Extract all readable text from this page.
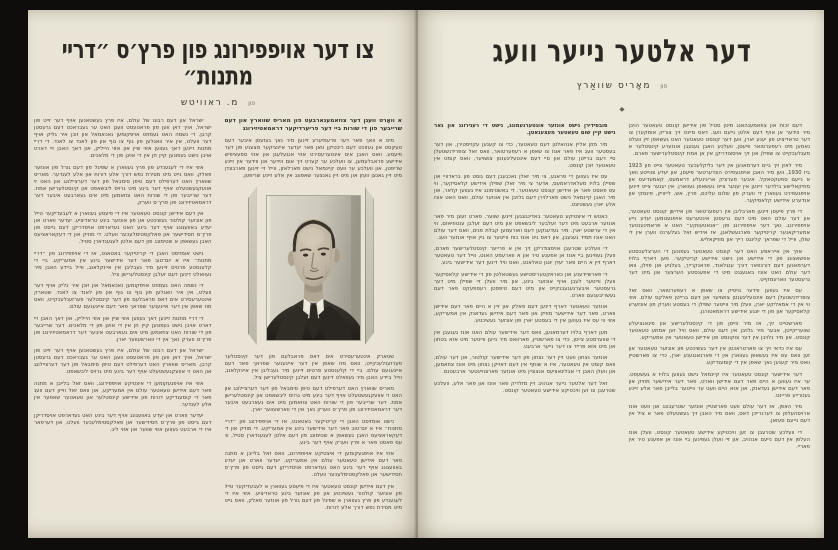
צו דער אויפפירונג פון פרץ׳ס ״דריי מתנות״
פון מ. ראוויטש

א וואָרט וועגן דער צוזאמענארבעט פון מאריס שווארץ און דעם שרייבער פון די שורות ביי דער פריערדיקער דראמאטיזירונג

מיט א וואך פאר דער פרעמיערע זיינען מיר נאך געזעסן איבער דעם טעקסט און געזוכט דעם ריכטיקן טאן פאר יעדער איינציקער סצענע פון דער פיעסע. וואס האבן אים אינטערעסירט אזוי אנגעלעגן און אזוי ספעציפיש אידישע פראבלעמען, צו וועלכע ער קערט זיך אום ווידער און ווידער אין זיינע שריפטן, און וועלכע ער וועט קיינמאל נישט פארלאזן, ווייל זיי זיינען פארבונדן מיט זיין גאנצן וועזן און מיט זיין גאנצער שאפונג אין אלע זיינע שריפטן.

שטארק אינטערעסירט אים דאס פראבלעם פון דער קינסטלער פערזענלעכקייט, וואס מוז שאפן אין דער אייגענער שפראך פאר דעם אייגענעם עולם. ביי די קלענסטע פרטים זיינען מיר געבליבן אין איינקלאנג, ווייל ביידע האבן מיר געוואלט דינען דעם זעלבן קינסטלערישן ציל.

מאריס שווארץ האט דערפילט דעם טיפן סימבאל פון דער דערציילונג און האט זי אוועקגעשטעלט אויף דער בינע מיט גרויס ליבשאפט און קינסטלערישן אמת. דער שרייבער פון די שורות האט צוזאמען מיט אים געארבעט איבער דער דראמאטיזירונג פון פרץ׳ס ווערק נאך אין די ווארשעווער יארן.

נישט אומזיסט האבן די קריטיקער באטאנט, אז די אויפפירונג פון ״דריי מתנות״ איז א יום־טוב פאר דער אידישער בינע אין אמעריקע. די מוזיק און די דעקאראציעס האבן געשאפן א שטימונג פון דעם אלטן לעגענדארן סטיל, ווי עס פאסט פאר א פרץ ווערק אויף דער בינע.

אזוי איז אויפגעקומען די איצטיקע אויפפירונג, וואס זאל בלייבן א מתנה פאר דעם אידישן טעאטער עולם אין אמעריקע. יעדער ווארט און יעדע באוועגונג אויף דער בינע האט געדארפט אויסדריקן דעם גייסט פון פרץ׳ס חסידישער און פאלקסטימלעכער וועלט.

אין דעם אידישן קונסט טעאטער איז די פיעסע געווארן א לעבעדיקער טייל פון אונזער קולטור געשיכטע און פון אונזער בינע טראדיציע. אזוי איז די לעגענדע פון פרץ געווארן א שפיגל פון דעם גורל פון אונזער פאלק, וואס גייט מיט מסירת נפש דורך אלע דורות.

ישראל און דעם רבונו של עולם, איז פרץ געשטאנען אויף דער זייט פון ישראל, אויך דאן ווען פון פראטעסט וועגן האט ער געבראכט דעם גרעסטן קרבן. די נשמה האט געמוזט אויפקומען נאכאמאל און זוכן איר גליק אויף דער וועלט, אין איר וואגלען פון גוף צו גוף און פון לאנד צו לאנד. די דריי מתנות זיינען דאך געווען אזוי שיין און אזוי הייליק, און דאך האבן זיי דארט אויבן נישט געפונען קיין חן אין די אויגן פון די מלאכים.

אזוי איז די לעגענדע פון פרץ געווארן א שפיגל פון דעם גורל פון אונזער פאלק, וואס גייט מיט מסירת נפש דורך אלע דורות און אלע לענדער. מאריס שווארץ האט דערפילט דעם טיפן סימבאל פון דער דערציילונג און האט זי אוועקגעשטעלט אויף דער בינע מיט גרויס ליבשאפט און קינסטלערישן אמת. דער שרייבער פון די שורות האט צוזאמען מיט אים געארבעט איבער דער דראמאטיזירונג פון פרץ׳ס ווערק.

אין דעם אידישן קונסט טעאטער איז די פיעסע געווארן א לעבעדיקער טייל פון אונזער קולטור געשיכטע און פון אונזער בינע טראדיציע. יעדער ווארט און יעדע באוועגונג אויף דער בינע האט געדארפט אויסדריקן דעם גייסט פון פרץ׳ס חסידישער און פאלקסטימלעכער וועלט. די מוזיק און די דעקאראציעס האבן געשאפן א שטימונג פון דעם אלטן לעגענדארן סטיל.

נישט אומזיסט האבן די קריטיקער באטאנט, אז די אויפפירונג פון ״דריי מתנות״ איז א יום־טוב פאר דער אידישער בינע אין אמעריקע. ביי די קלענסטע פרטים זיינען מיר געבליבן אין איינקלאנג, ווייל ביידע האבן מיר געוואלט דינען דעם זעלבן קינסטלערישן ציל.

די נשמה האט געמוזט אויפקומען נאכאמאל און זוכן איר גליק אויף דער וועלט, אין איר וואגלען פון גוף צו גוף און פון לאנד צו לאנד. שטארק אינטערעסירט אים דאס פראבלעם פון דער קינסטלער פערזענלעכקייט, וואס מוז שאפן אין דער אייגענער שפראך פאר דעם אייגענעם עולם.

די דריי מתנות זיינען דאך געווען אזוי שיין און אזוי הייליק, און דאך האבן זיי דארט אויבן נישט געפונען קיין חן אין די אויגן פון די מלאכים. דער שרייבער פון די שורות האט צוזאמען מיט אים געארבעט איבער דער דראמאטיזירונג פון פרץ׳ס ווערק נאך אין די ווארשעווער יארן.

ישראל און דעם רבונו של עולם, איז פרץ געשטאנען אויף דער זייט פון ישראל, אויך דאן ווען פון פראטעסט וועגן האט ער געבראכט דעם גרעסטן קרבן. מאריס שווארץ האט דערפילט דעם טיפן סימבאל פון דער דערציילונג און האט זי אוועקגעשטעלט אויף דער בינע מיט גרויס ליבשאפט.

אזוי איז אויפגעקומען די איצטיקע אויפפירונג, וואס זאל בלייבן א מתנה פאר דעם אידישן טעאטער עולם אין אמעריקע, און וואס זאל ווייזן דעם וועג פאר די קומענדיקע דורות פון אידישע קינסטלער און טעאטער שאפער אין אלע לענדער.

יעדער ווארט און יעדע באוועגונג אויף דער בינע האט געדארפט אויסדריקן דעם גייסט פון פרץ׳ס חסידישער און פאלקסטימלעכער וועלט, און דערפאר איז די ארבעט געווען אזוי שווער און אזוי ליב.

דער אלטער נייער וועג
פון מאָריס שוואַרץ
◆

דעם זכות און צוזאמענהאנג מיטן סטיל פון אידישן קונסט טעאטער הויבן מיר ווידער אן אויף דעם אלטן נייעם וועג. דאס מיינט זיך צוריק אומקערן צו דער טראדיציע פון יענע יארן, ווען דער קונסט טעאטער האט געשאפן זיין וועלט נאמען מיט רעפערטואר פיעסן, וועלכע האבן געגעבן אונזערע קינסטלער א מעגלעכקייט צו שפילן און זיך אויסצודריקן אין אן אמת קינסטלערישער פארם.

מיר לאזן זיך ביים דערמאנען אין דער גליקלעכער טעאטער צייט פון 1923 ביז 1930, ווען מיר האבן אויפגעפירט הונדערטער פיעסן, און יעדע צווייטע וואך א נייעם ספעקטאקל. איבער פערציק אריגינעלע דראמעס, קאמעדיעס און מוזיקאלישע בילדער זיינען אין יענער צייט געשאפן געווארן. אין יענער צייט זיינען אויפגעפירט געווארן די ווערק פון שלום עליכם, פרץ, אש, לייוויק, פינסקי און אנדערע אידישע קלאסיקער.

די פרץ פיעסן זיינען פארבליבן אין רעפערטואר פון אידישן קונסט טעאטער, און דער עולם האט מיט דעם גרעסטן אינטערעס אויפגענומען יעדע נייע אויפפירונג. נאך דער אויפפירונג פון ״אנאטעווקע״ האט א פראמינענטער אמעריקאנער קריטיקער פארגעשלאגן, אז אידיש זאל געלערנט ווערן אין די שולן, ווייל די שפראך קלינגט רייך און מוזיקאליש.

אויך אין אייראפע האט דער קונסט טעאטער געפונען די הערצלעכסטע אפשאצונג פון די אידישע און נישט אידישע קריטיקער. מען דארף בלויז דערמאנען דעם דורכפאר דורך ענגלאנד, פראנקרייך, בעלגיע און פוילן, וואו דער עולם האט אונז באגעגנט מיט די אפענסטע הערצער און מיט דער גרעסטער ווארעמקייט.

עס איז געווען ווידער נויטיק צו שאפן א רעפערטואר, וואס זאל צופרידנשטעלן דעם אינטעליגענטן צושויער און דעם ברייטן פאלקס עולם. אזוי ווי אין די אמאליקע יארן, וועלן מיר ווייטער שפילן די בעסטע ווערק פון אונזערע קלאסיקער און פון די יונגע אידישע דראמאטורגן.

פארשטייט זיך, אז מיר ווייסן פון די קינסטלערישע און פינאנציעלע שוועריקייטן, אבער מיר גלויבן אין דעם עולם, וואס וויל זען אמתע טעאטער קונסט, און מיר גלויבן אין דער צוקונפט פון אידישן טעאטער אין אמעריקע.

עס איז כדאי זיך צו פארטראכטן אין דער געשיכטע פון אונזער טעאטער און זען וואס עס איז געשאפן געווארן אין די פארגאנגענע יארן, כדי צו פארשטיין וואס מיר קענען נאך שאפן אין די קומענדיקע.

דער אידישער קונסט טעאטער איז קיינמאל נישט געווען בלויז א געשעפט. ער איז געווען א היים פאר דעם אידישן ווארט, פאר דער אידישער מוזיק און פאר דעם אידישן געדאנק, און אזא היים וועט ער ווייטער בלייבן פאר אלע זיינע געטרייע פריינט.

מיר האפן, אז דער עולם וועט פארשטיין אונזער שטרעבונג און וועט אונז ארויסהעלפן צו דערגרייכן דאס, וואס מיר האבן זיך געשטעלט פאר א ציל אין דעם נייעם סעזאן.

די וועלכע שטרעבן צו זען וויכטיקע אידישע טעאטער קונסט, וועלן אונז העלפן אין דעם נייעם אנהויב, און זיי וועלן געפינען ביי אונז אן אפענע טיר אין פאריי.

סובסידירן נישט אונזער אונטערנעמונג, נישט די רעגירונג און גאר נישט קיין שום טעאטער מעצענאטן.

מיר מוזן אליין אנהאלטן דעם טעאטער, כדי צו קענען עקזיסטירן, און דער בעסטער וועג איז פאר אונז צו שאפן א רעפערטואר, וואס זאל צופרידנשטעלן סיי דעם ברייטן עולם און סיי דעם אינטעליגענטן צושויער, וואס קומט אין טעאטער זוכן קונסט.

עס איז געווען די פראגע, צי מיר זאלן נאכגעבן דעם גוסט פון בראדוויי און שפילן בלויז מעלאדראמעס, אדער צי מיר זאלן שפילן אידישע קלאסיקער, ווי עס פאסט פאר אן אידישן קונסט טעאטער. די באשטימונג איז געווען קלאר, און מיר האבן קיינמאל נישט פארלוירן דעם גלויבן אין אונזער עולם, וואס האט אונז אלע יארן געשטיצט.

כאטש די איצטיקע טעאטער באדינגונגען זיינען שווער, פארט זעצן מיר פאר אונזער ארבעט מיט דער זעלבער ליבשאפט און מיט דעם זעלבן ענטוזיאזם, ווי אין די ערשטע יארן. מיר געדענקען דעם ווארעמען קבלת פנים, וואס דער עולם האט אונז תמיד געגעבן, און דאס גיט אונז כוח ווייטער צו גיין אויף אונזער וועג.

די וועלכע שטרעבן אויסצודריקן זיך אין א פרייער קינסטלערישער פארם, וועלן געפינען ביי אונז אן אפענע טיר און א ווארעמע האנט, ווייל דער טעאטער דארף זיין א היים פאר יעדן יונגן טאלאנט, וואס וויל דינען דער אידישער בינע.

די פארשיידענע און כאראקטעריסטישע געשטאלטן פון די אידישע קלאסיקער וועלן ווייטער לעבן אויף אונזער בינע, און מיר וועלן זיי שפילן מיט דער גרעסטער איבערגעגעבנקייט און מיט דעם טיפסטן רעספעקט פאר דעם געשריבענעם ווארט.

אונזער טעאטער דארף דינען דעם פאלק און זיין א היים פאר דעם אידישן ווארט, פאר דער אידישער מוזיק און פאר דעם אידישן געדאנק אין אמעריקע, אזוי ווי עס איז געווען אין די בעסטע יארן פון אונזער געשיכטע.

מען דארף בלויז דערמאנען, וואס דער אידישער עולם האט אונז געגעבן אין די שווערסטע צייטן, כדי צו פארשטיין, פארוואס מיר גייען ווייטער מיט אזא בטחון און מיט אזא פרייד צו דער נייער ארבעט.

אונזער נצחון וועט זיין דער נצחון פון דער אידישער קולטור, און דער עולם, וואס קומט אין טעאטער, איז א שותף אין דעם דאזיקן נצחון מיט אונז צוזאמען, און וועלן האבן די אבליגאציעס אנצוגיין מיט אונזער פארצווייגטער ארבעטנס.

זאל דער אלטער נייער אנהויב זיין מזלדיק פאר אונז און פאר אלע, וועלכע שטרעבן צו זען וויכטיקע אידישע טעאטער קונסט.
